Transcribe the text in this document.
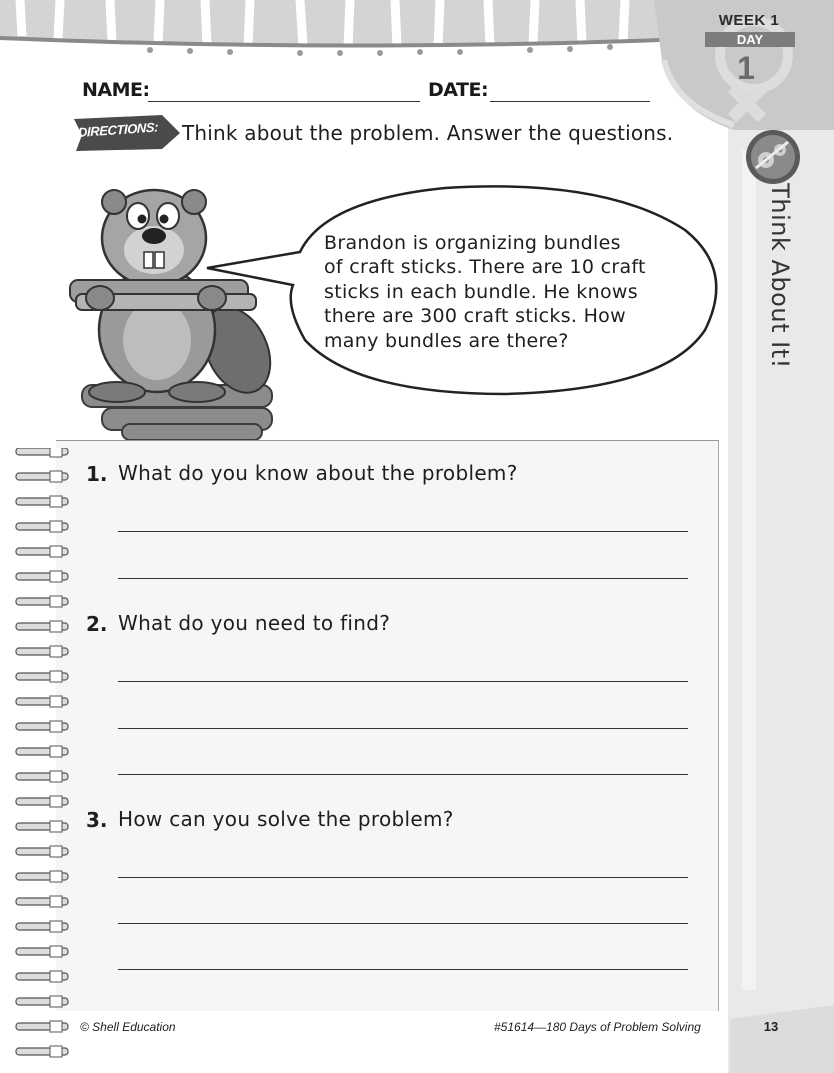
WEEK 1
DAY
1
NAME:	DATE:
DIRECTIONS: Think about the problem. Answer the questions.
Think About It!
Brandon is organizing bundles
of craft sticks. There are 10 craft
sticks in each bundle. He knows
there are 300 craft sticks. How
many bundles are there?
1. What do you know about the problem?
2. What do you need to find?
3. How can you solve the problem?
© Shell Education	#51614—180 Days of Problem Solving	13
